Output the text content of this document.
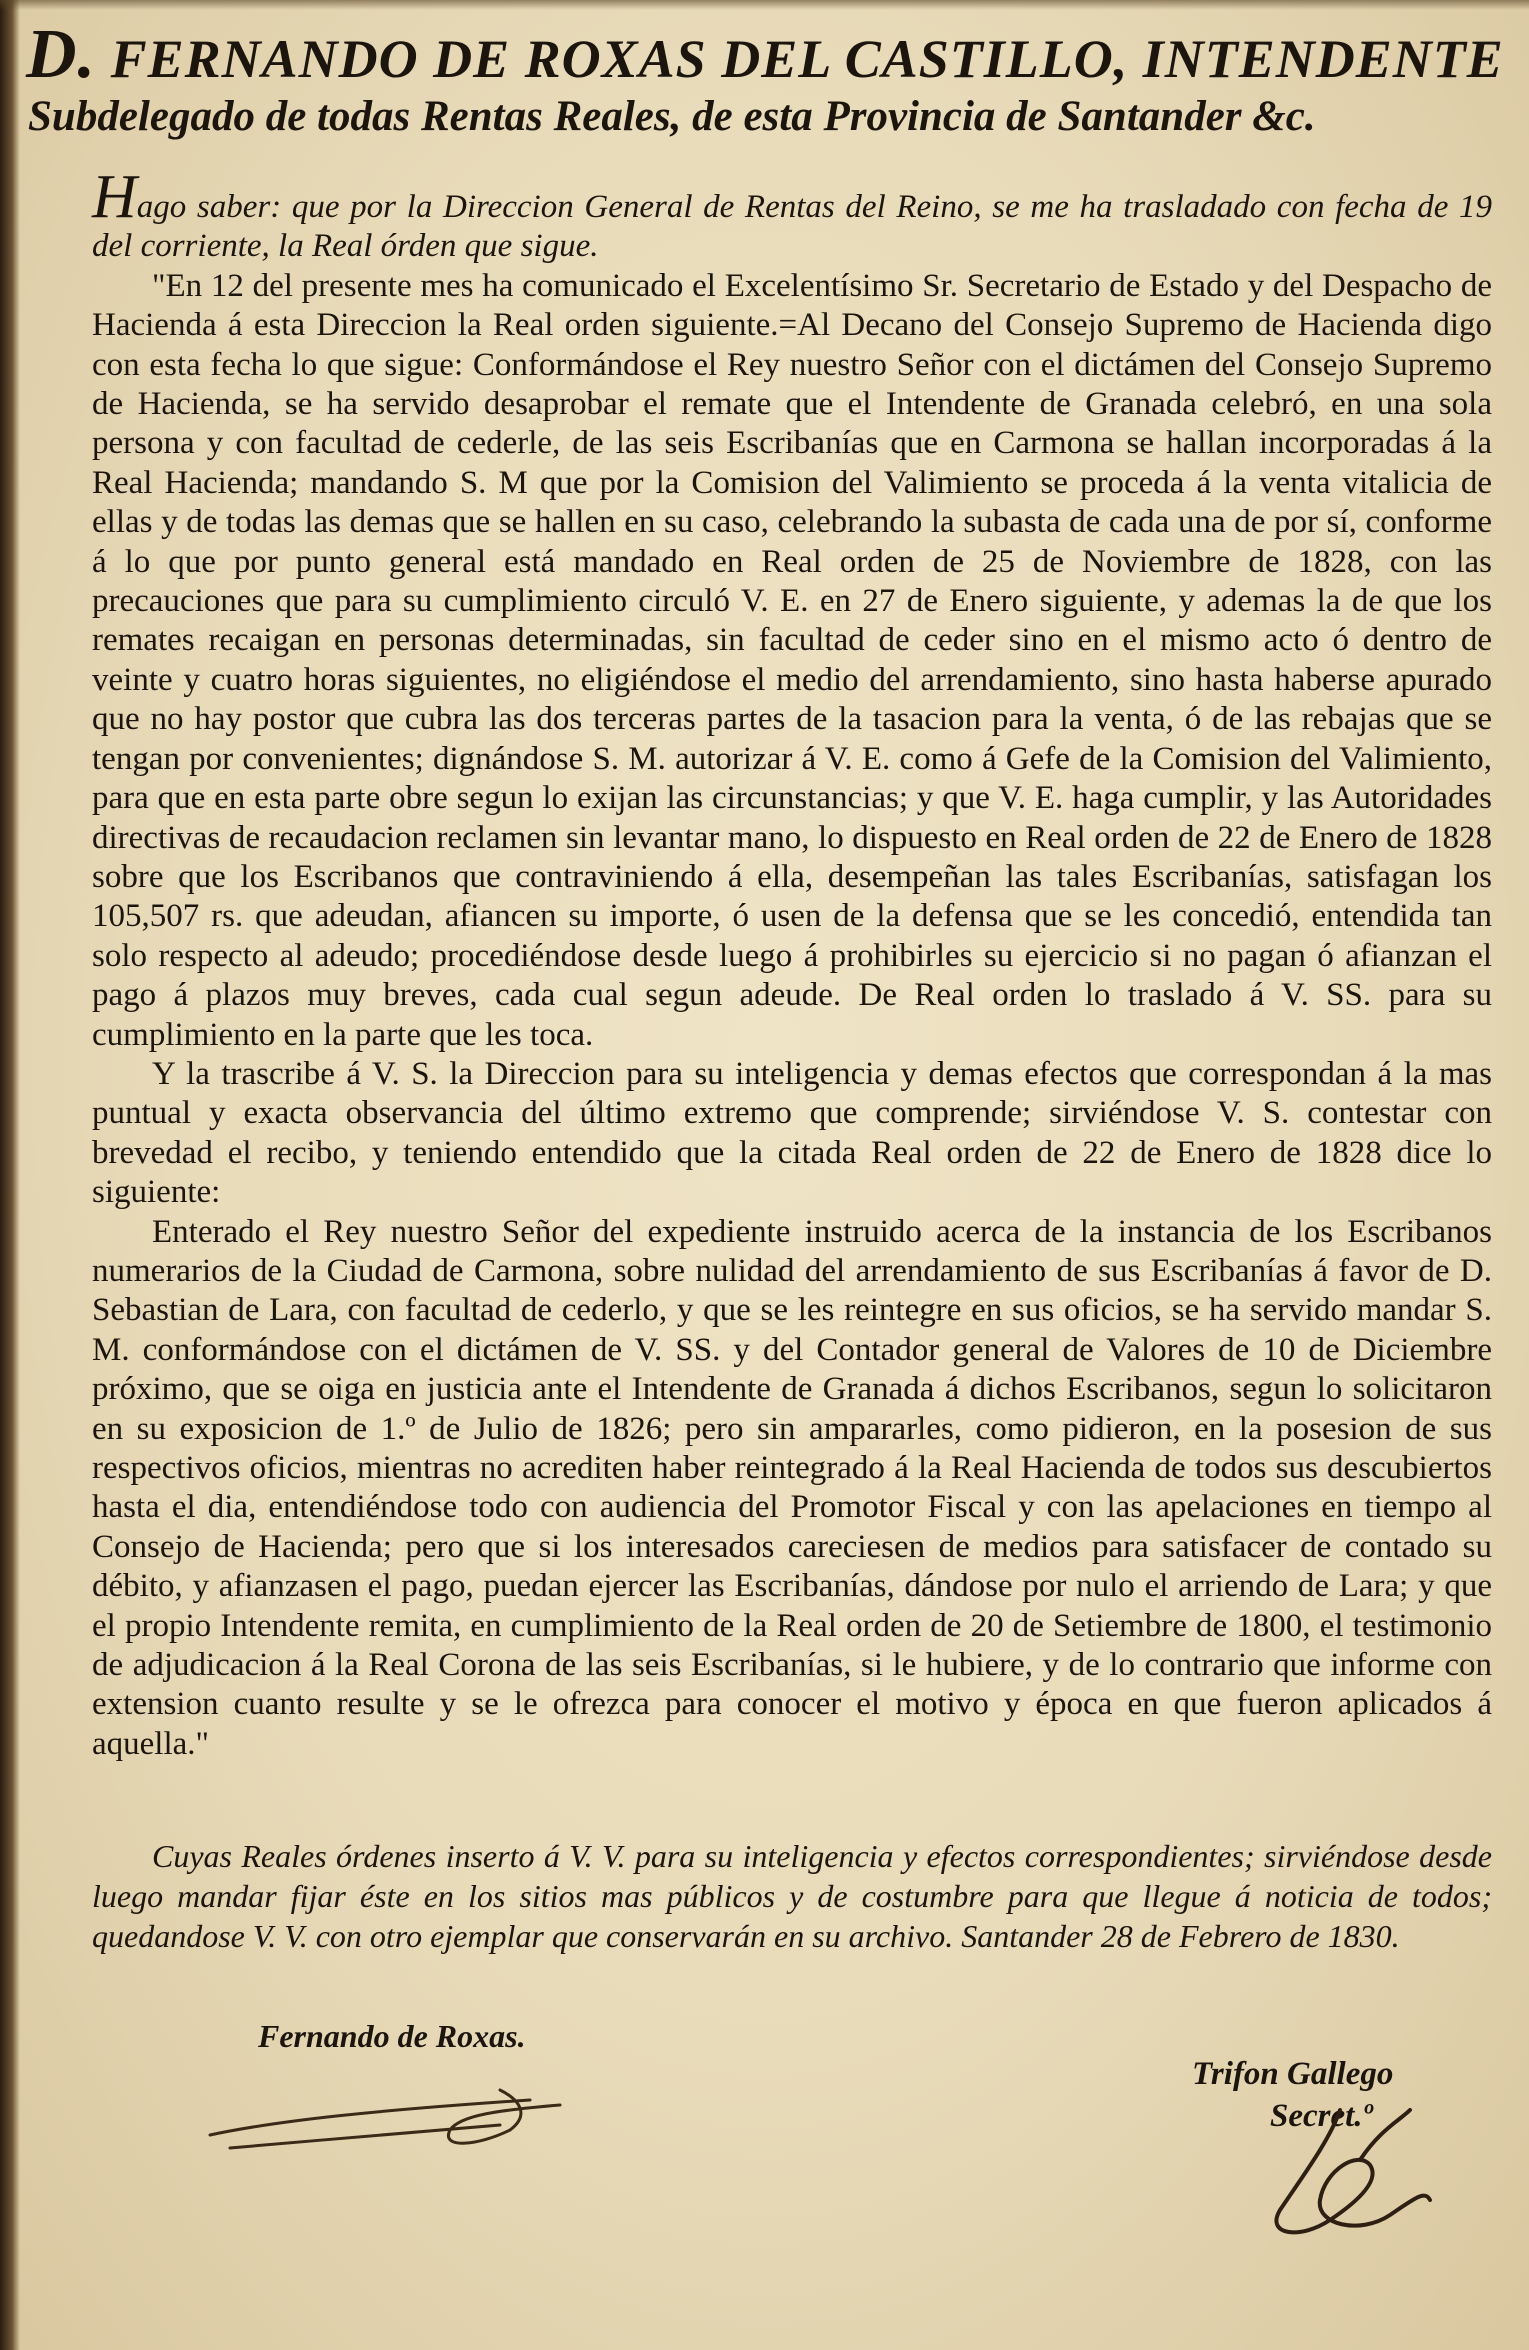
D. FERNANDO DE ROXAS DEL CASTILLO, INTENDENTE
Subdelegado de todas Rentas Reales, de esta Provincia de Santander &c.

Hago saber: que por la Direccion General de Rentas del Reino, se me ha trasladado con fecha de 19 del corriente, la Real órden que sigue.

"En 12 del presente mes ha comunicado el Excelentísimo Sr. Secretario de Estado y del Despacho de Hacienda á esta Direccion la Real orden siguiente.=Al Decano del Consejo Supremo de Hacienda digo con esta fecha lo que sigue: Conformándose el Rey nuestro Señor con el dictámen del Consejo Supremo de Hacienda, se ha servido desaprobar el remate que el Intendente de Granada celebró, en una sola persona y con facultad de cederle, de las seis Escribanías que en Carmona se hallan incorporadas á la Real Hacienda; mandando S. M que por la Comision del Valimiento se proceda á la venta vitalicia de ellas y de todas las demas que se hallen en su caso, celebrando la subasta de cada una de por sí, conforme á lo que por punto general está mandado en Real orden de 25 de Noviembre de 1828, con las precauciones que para su cumplimiento circuló V. E. en 27 de Enero siguiente, y ademas la de que los remates recaigan en personas determinadas, sin facultad de ceder sino en el mismo acto ó dentro de veinte y cuatro horas siguientes, no eligiéndose el medio del arrendamiento, sino hasta haberse apurado que no hay postor que cubra las dos terceras partes de la tasacion para la venta, ó de las rebajas que se tengan por convenientes; dignándose S. M. autorizar á V. E. como á Gefe de la Comision del Valimiento, para que en esta parte obre segun lo exijan las circunstancias; y que V. E. haga cumplir, y las Autoridades directivas de recaudacion reclamen sin levantar mano, lo dispuesto en Real orden de 22 de Enero de 1828 sobre que los Escribanos que contraviniendo á ella, desempeñan las tales Escribanías, satisfagan los 105,507 rs. que adeudan, afiancen su importe, ó usen de la defensa que se les concedió, entendida tan solo respecto al adeudo; procediéndose desde luego á prohibirles su ejercicio si no pagan ó afianzan el pago á plazos muy breves, cada cual segun adeude. De Real orden lo traslado á V. SS. para su cumplimiento en la parte que les toca.

Y la trascribe á V. S. la Direccion para su inteligencia y demas efectos que correspondan á la mas puntual y exacta observancia del último extremo que comprende; sirviéndose V. S. contestar con brevedad el recibo, y teniendo entendido que la citada Real orden de 22 de Enero de 1828 dice lo siguiente:

Enterado el Rey nuestro Señor del expediente instruido acerca de la instancia de los Escribanos numerarios de la Ciudad de Carmona, sobre nulidad del arrendamiento de sus Escribanías á favor de D. Sebastian de Lara, con facultad de cederlo, y que se les reintegre en sus oficios, se ha servido mandar S. M. conformándose con el dictámen de V. SS. y del Contador general de Valores de 10 de Diciembre próximo, que se oiga en justicia ante el Intendente de Granada á dichos Escribanos, segun lo solicitaron en su exposicion de 1.º de Julio de 1826; pero sin ampararles, como pidieron, en la posesion de sus respectivos oficios, mientras no acrediten haber reintegrado á la Real Hacienda de todos sus descubiertos hasta el dia, entendiéndose todo con audiencia del Promotor Fiscal y con las apelaciones en tiempo al Consejo de Hacienda; pero que si los interesados careciesen de medios para satisfacer de contado su débito, y afianzasen el pago, puedan ejercer las Escribanías, dándose por nulo el arriendo de Lara; y que el propio Intendente remita, en cumplimiento de la Real orden de 20 de Setiembre de 1800, el testimonio de adjudicacion á la Real Corona de las seis Escribanías, si le hubiere, y de lo contrario que informe con extension cuanto resulte y se le ofrezca para conocer el motivo y época en que fueron aplicados á aquella."

Cuyas Reales órdenes inserto á V. V. para su inteligencia y efectos correspondientes; sirviéndose desde luego mandar fijar éste en los sitios mas públicos y de costumbre para que llegue á noticia de todos; quedandose V. V. con otro ejemplar que conservarán en su archivo. Santander 28 de Febrero de 1830.

Fernando de Roxas.
Trifon Gallego
Secret.º
